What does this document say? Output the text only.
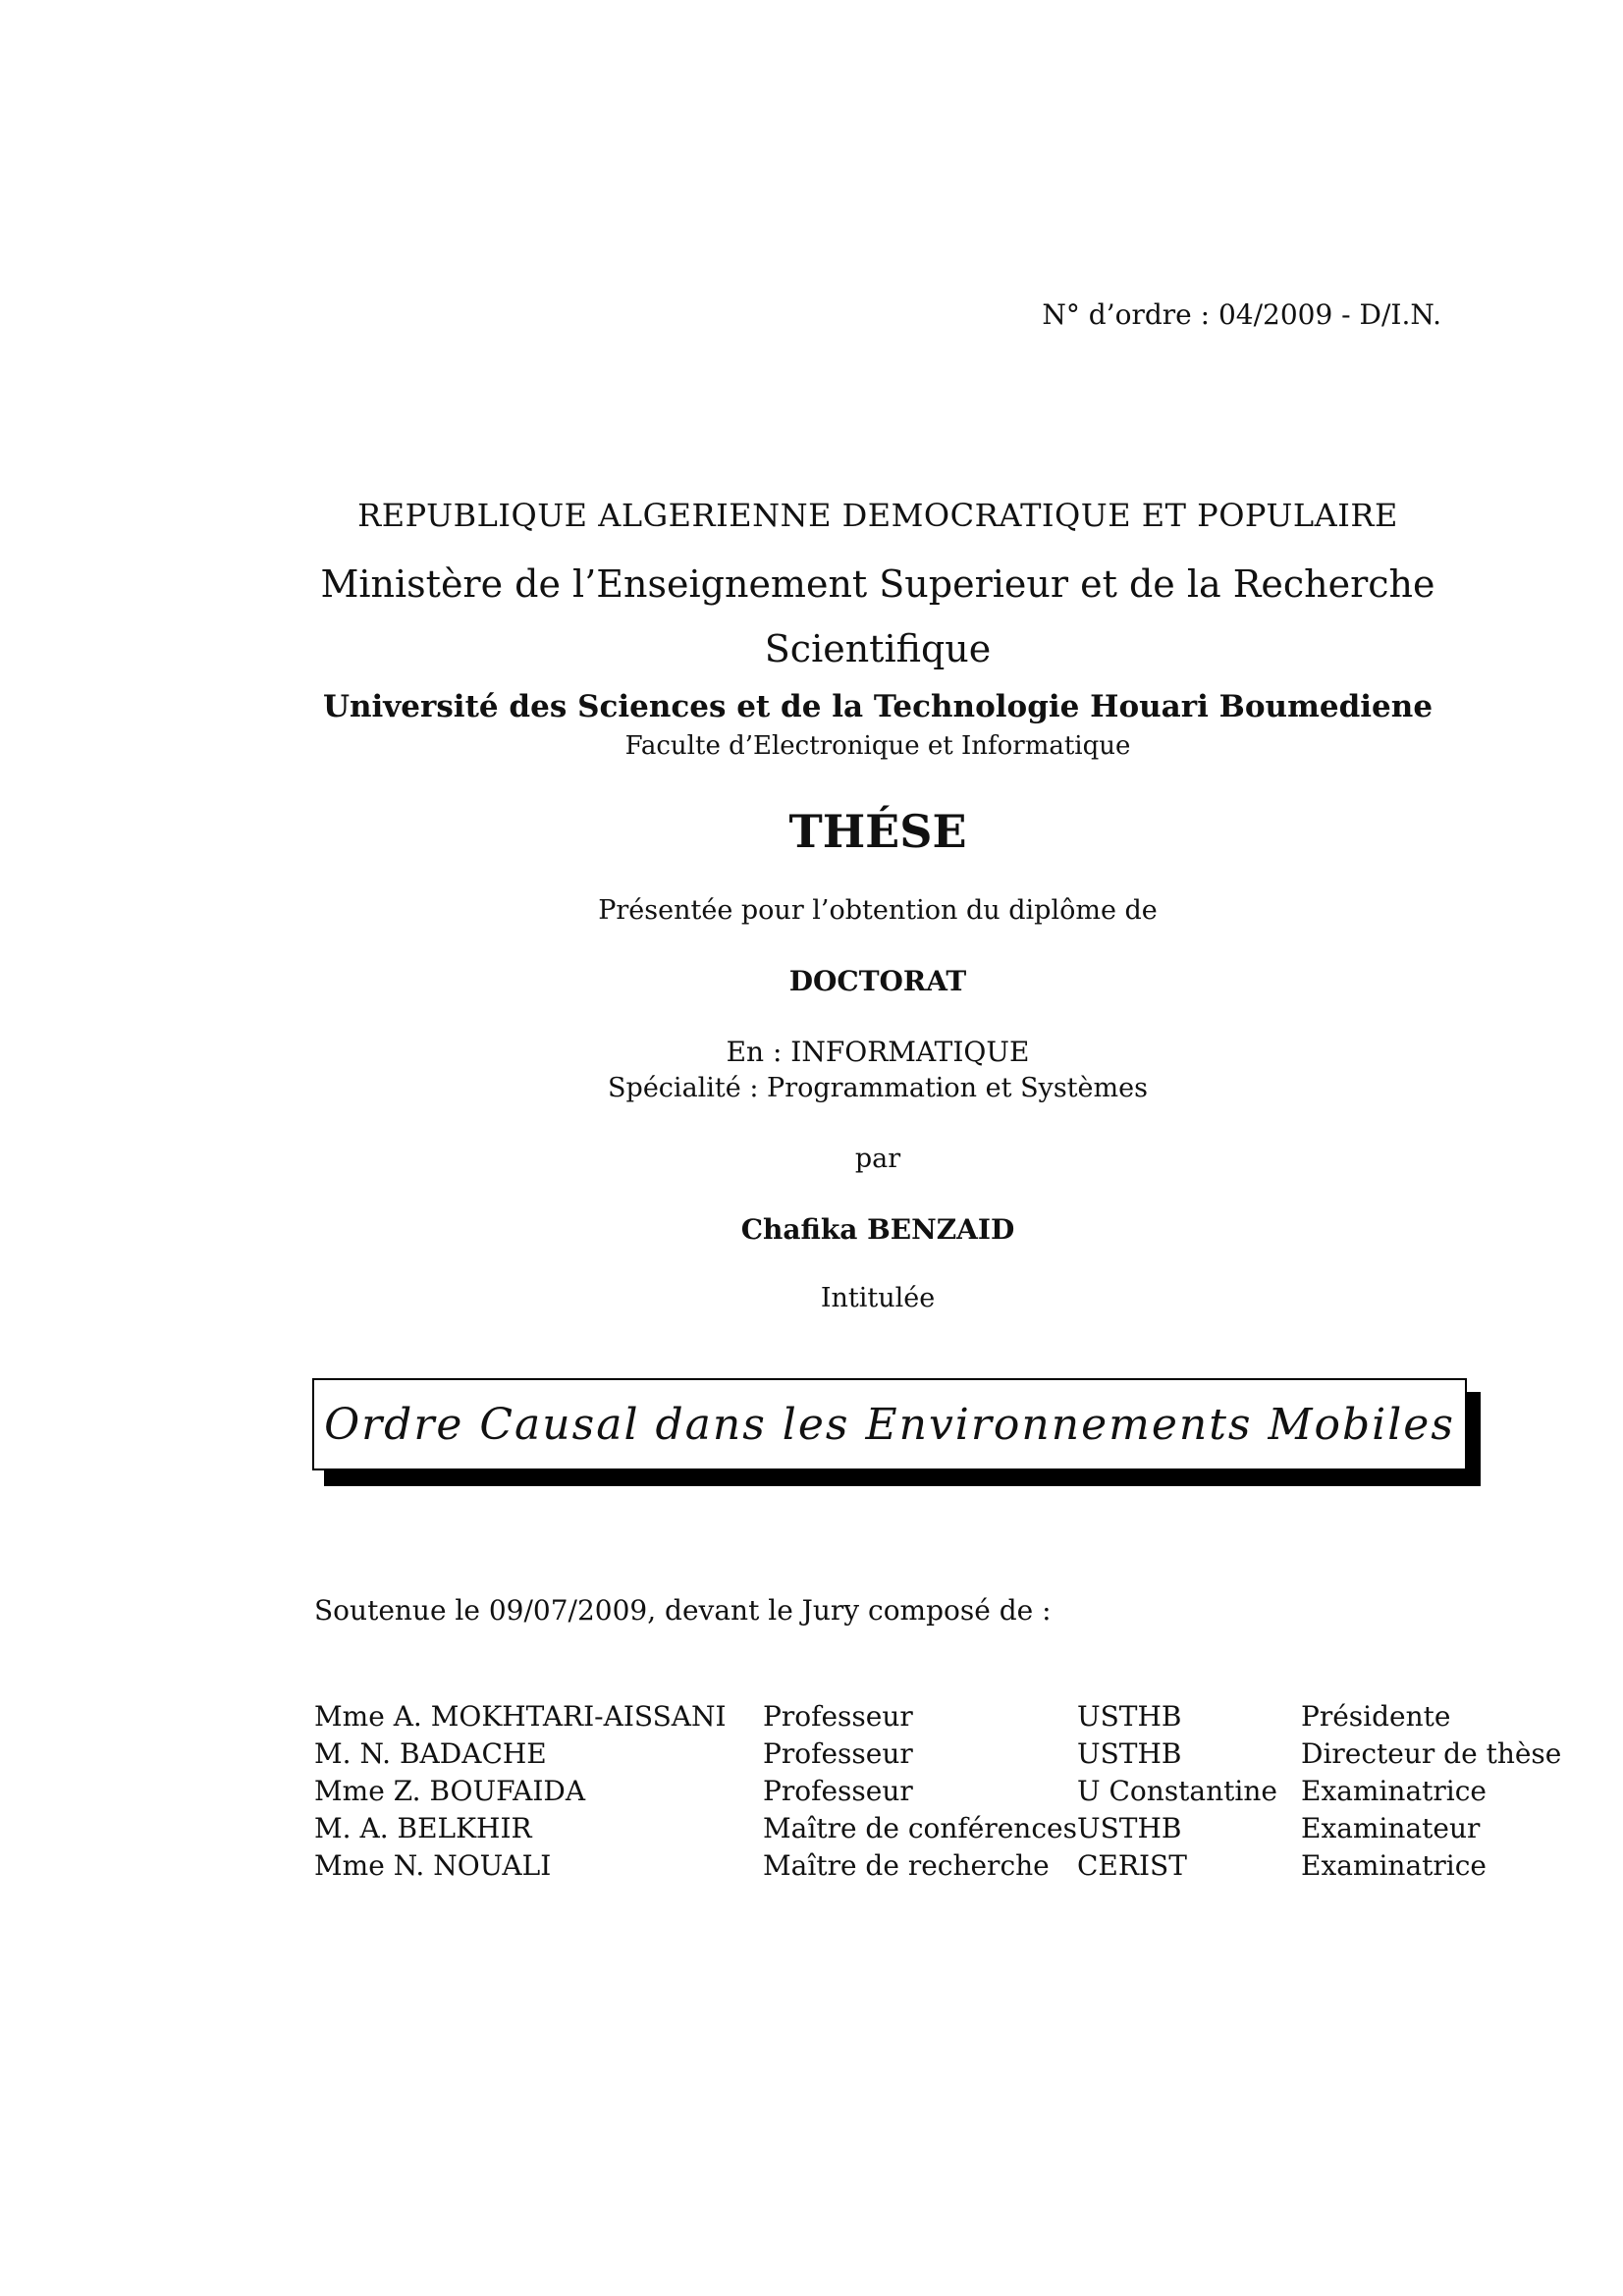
N° d’ordre : 04/2009 - D/I.N.
REPUBLIQUE ALGERIENNE DEMOCRATIQUE ET POPULAIRE
Ministère de l’Enseignement Superieur et de la Recherche Scientifique
Université des Sciences et de la Technologie Houari Boumediene
Faculte d’Electronique et Informatique
THÉSE
Présentée pour l’obtention du diplôme de
DOCTORAT
En : INFORMATIQUE
Spécialité : Programmation et Systèmes
par
Chafika BENZAID
Intitulée
Ordre Causal dans les Environnements Mobiles
Soutenue le 09/07/2009, devant le Jury composé de :
Mme A. MOKHTARI-AISSANI	Professeur	USTHB	Présidente
M. N. BADACHE	Professeur	USTHB	Directeur de thèse
Mme Z. BOUFAIDA	Professeur	U Constantine	Examinatrice
M. A. BELKHIR	Maître de conférences	USTHB	Examinateur
Mme N. NOUALI	Maître de recherche	CERIST	Examinatrice
